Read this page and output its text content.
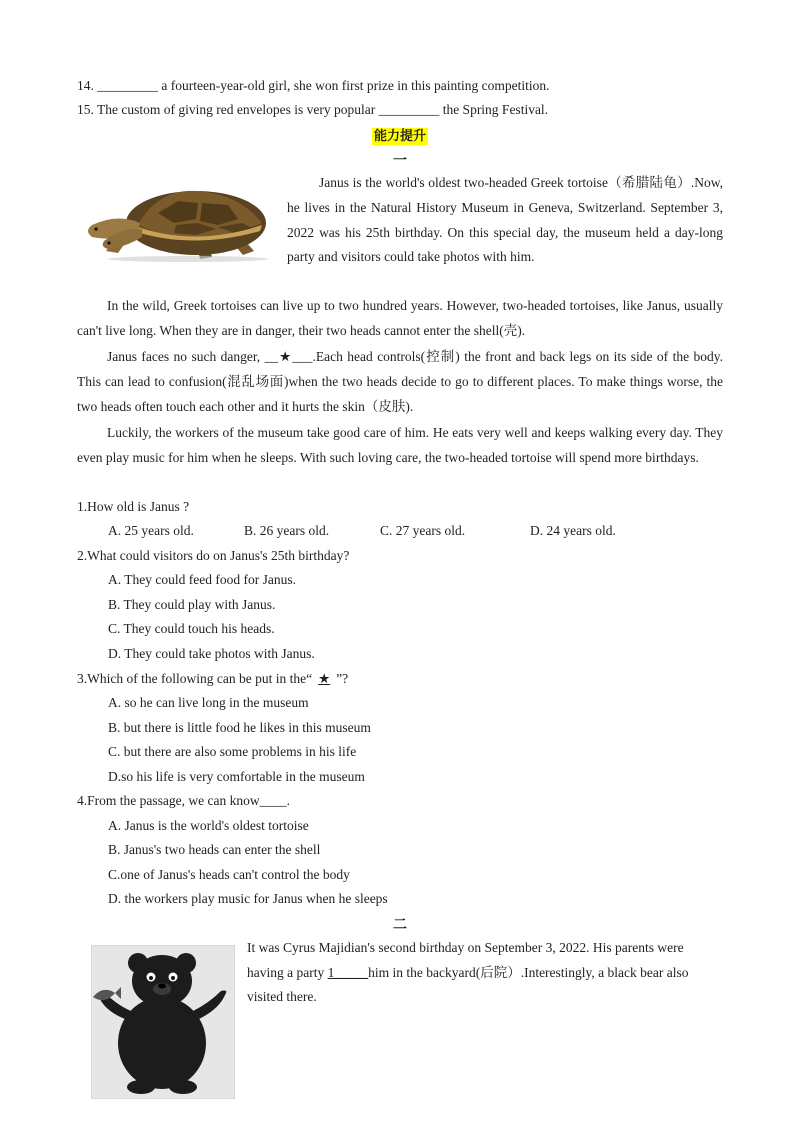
14. _________ a fourteen-year-old girl, she won first prize in this painting competition.
15. The custom of giving red envelopes is very popular _________ the Spring Festival.
能力提升
一
Janus is the world's oldest two-headed Greek tortoise（希腊陆龟）.Now, he lives in the Natural History Museum in Geneva, Switzerland. September 3, 2022 was his 25th birthday. On this special day, the museum held a day-long party and visitors could take photos with him.
In the wild, Greek tortoises can live up to two hundred years. However, two-headed tortoises, like Janus, usually can't live long. When they are in danger, their two heads cannot enter the shell(壳).
Janus faces no such danger, __★___.Each head controls(控制) the front and back legs on its side of the body. This can lead to confusion(混乱场面)when the two heads decide to go to different places. To make things worse, the two heads often touch each other and it hurts the skin（皮肤).
Luckily, the workers of the museum take good care of him. He eats very well and keeps walking every day. They even play music for him when he sleeps. With such loving care, the two-headed tortoise will spend more birthdays.
1.How old is Janus ?
A. 25 years old.	B. 26 years old.	C. 27 years old.	D. 24 years old.
2.What could visitors do on Janus's 25th birthday?
A. They could feed food for Janus.
B. They could play with Janus.
C. They could touch his heads.
D. They could take photos with Janus.
3.Which of the following can be put in the“ ★ ”?
A. so he can live long in the museum
B. but there is little food he likes in this museum
C. but there are also some problems in his life
D.so his life is very comfortable in the museum
4.From the passage, we can know____.
A. Janus is the world's oldest tortoise
B. Janus's two heads can enter the shell
C.one of Janus's heads can't control the body
D. the workers play music for Janus when he sleeps
二
It was Cyrus Majidian's second birthday on September 3, 2022. His parents were
having a party 1_____him in the backyard(后院）.Interestingly, a black bear also
visited there.
